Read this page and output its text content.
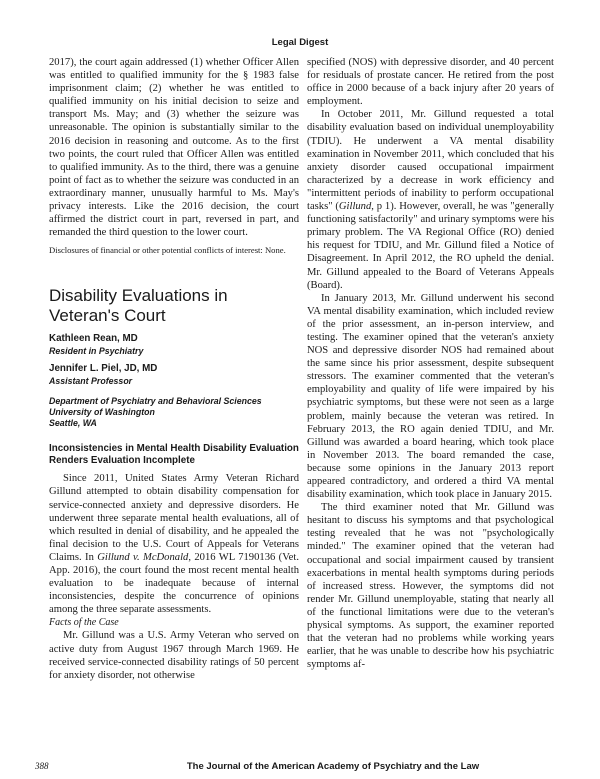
Legal Digest

2017), the court again addressed (1) whether Officer Allen was entitled to qualified immunity for the § 1983 false imprisonment claim; (2) whether he was entitled to qualified immunity on his initial decision to seize and transport Ms. May; and (3) whether the seizure was unreasonable. The opinion is substantially similar to the 2016 decision in reasoning and outcome. As to the first two points, the court ruled that Officer Allen was entitled to qualified immunity. As to the third, there was a genuine point of fact as to whether the seizure was conducted in an extraordinary manner, unusually harmful to Ms. May's privacy interests. Like the 2016 decision, the court affirmed the district court in part, reversed in part, and remanded the third question to the lower court.

Disclosures of financial or other potential conflicts of interest: None.

Disability Evaluations in Veteran's Court
Kathleen Rean, MD
Resident in Psychiatry
Jennifer L. Piel, JD, MD
Assistant Professor
Department of Psychiatry and Behavioral Sciences
University of Washington
Seattle, WA
Inconsistencies in Mental Health Disability Evaluation Renders Evaluation Incomplete

Since 2011, United States Army Veteran Richard Gillund attempted to obtain disability compensation for service-connected anxiety and depressive disorders. He underwent three separate mental health evaluations, all of which resulted in denial of disability, and he appealed the final decision to the U.S. Court of Appeals for Veterans Claims. In Gillund v. McDonald, 2016 WL 7190136 (Vet. App. 2016), the court found the most recent mental health evaluation to be inadequate because of internal inconsistencies, despite the concurrence of opinions among the three separate assessments.

Facts of the Case

Mr. Gillund was a U.S. Army Veteran who served on active duty from August 1967 through March 1969. He received service-connected disability ratings of 50 percent for anxiety disorder, not otherwise

specified (NOS) with depressive disorder, and 40 percent for residuals of prostate cancer. He retired from the post office in 2000 because of a back injury after 20 years of employment.

In October 2011, Mr. Gillund requested a total disability evaluation based on individual unemployability (TDIU). He underwent a VA mental disability examination in November 2011, which concluded that his anxiety disorder caused occupational impairment characterized by a decrease in work efficiency and "intermittent periods of inability to perform occupational tasks" (Gillund, p 1). However, overall, he was "generally functioning satisfactorily" and urinary symptoms were his primary problem. The VA Regional Office (RO) denied his request for TDIU, and Mr. Gillund filed a Notice of Disagreement. In April 2012, the RO upheld the denial. Mr. Gillund appealed to the Board of Veterans Appeals (Board).

In January 2013, Mr. Gillund underwent his second VA mental disability examination, which included review of the prior assessment, an in-person interview, and testing. The examiner opined that the veteran's anxiety NOS and depressive disorder NOS had remained about the same since his prior assessment, despite subsequent stressors. The examiner commented that the veteran's employability and quality of life were impaired by his psychiatric symptoms, but these were not seen as a large problem, mainly because the veteran was retired. In February 2013, the RO again denied TDIU, and Mr. Gillund was awarded a board hearing, which took place in November 2013. The board remanded the case, because some opinions in the January 2013 report appeared contradictory, and ordered a third VA mental disability examination, which took place in January 2015.

The third examiner noted that Mr. Gillund was hesitant to discuss his symptoms and that psychological testing revealed that he was not "psychologically minded." The examiner opined that the veteran had occupational and social impairment caused by transient exacerbations in mental health symptoms during periods of increased stress. However, the symptoms did not render Mr. Gillund unemployable, stating that nearly all of the functional limitations were due to the veteran's physical symptoms. As support, the examiner reported that the veteran had no problems while working years earlier, that he was unable to describe how his psychiatric symptoms af-

388	The Journal of the American Academy of Psychiatry and the Law
